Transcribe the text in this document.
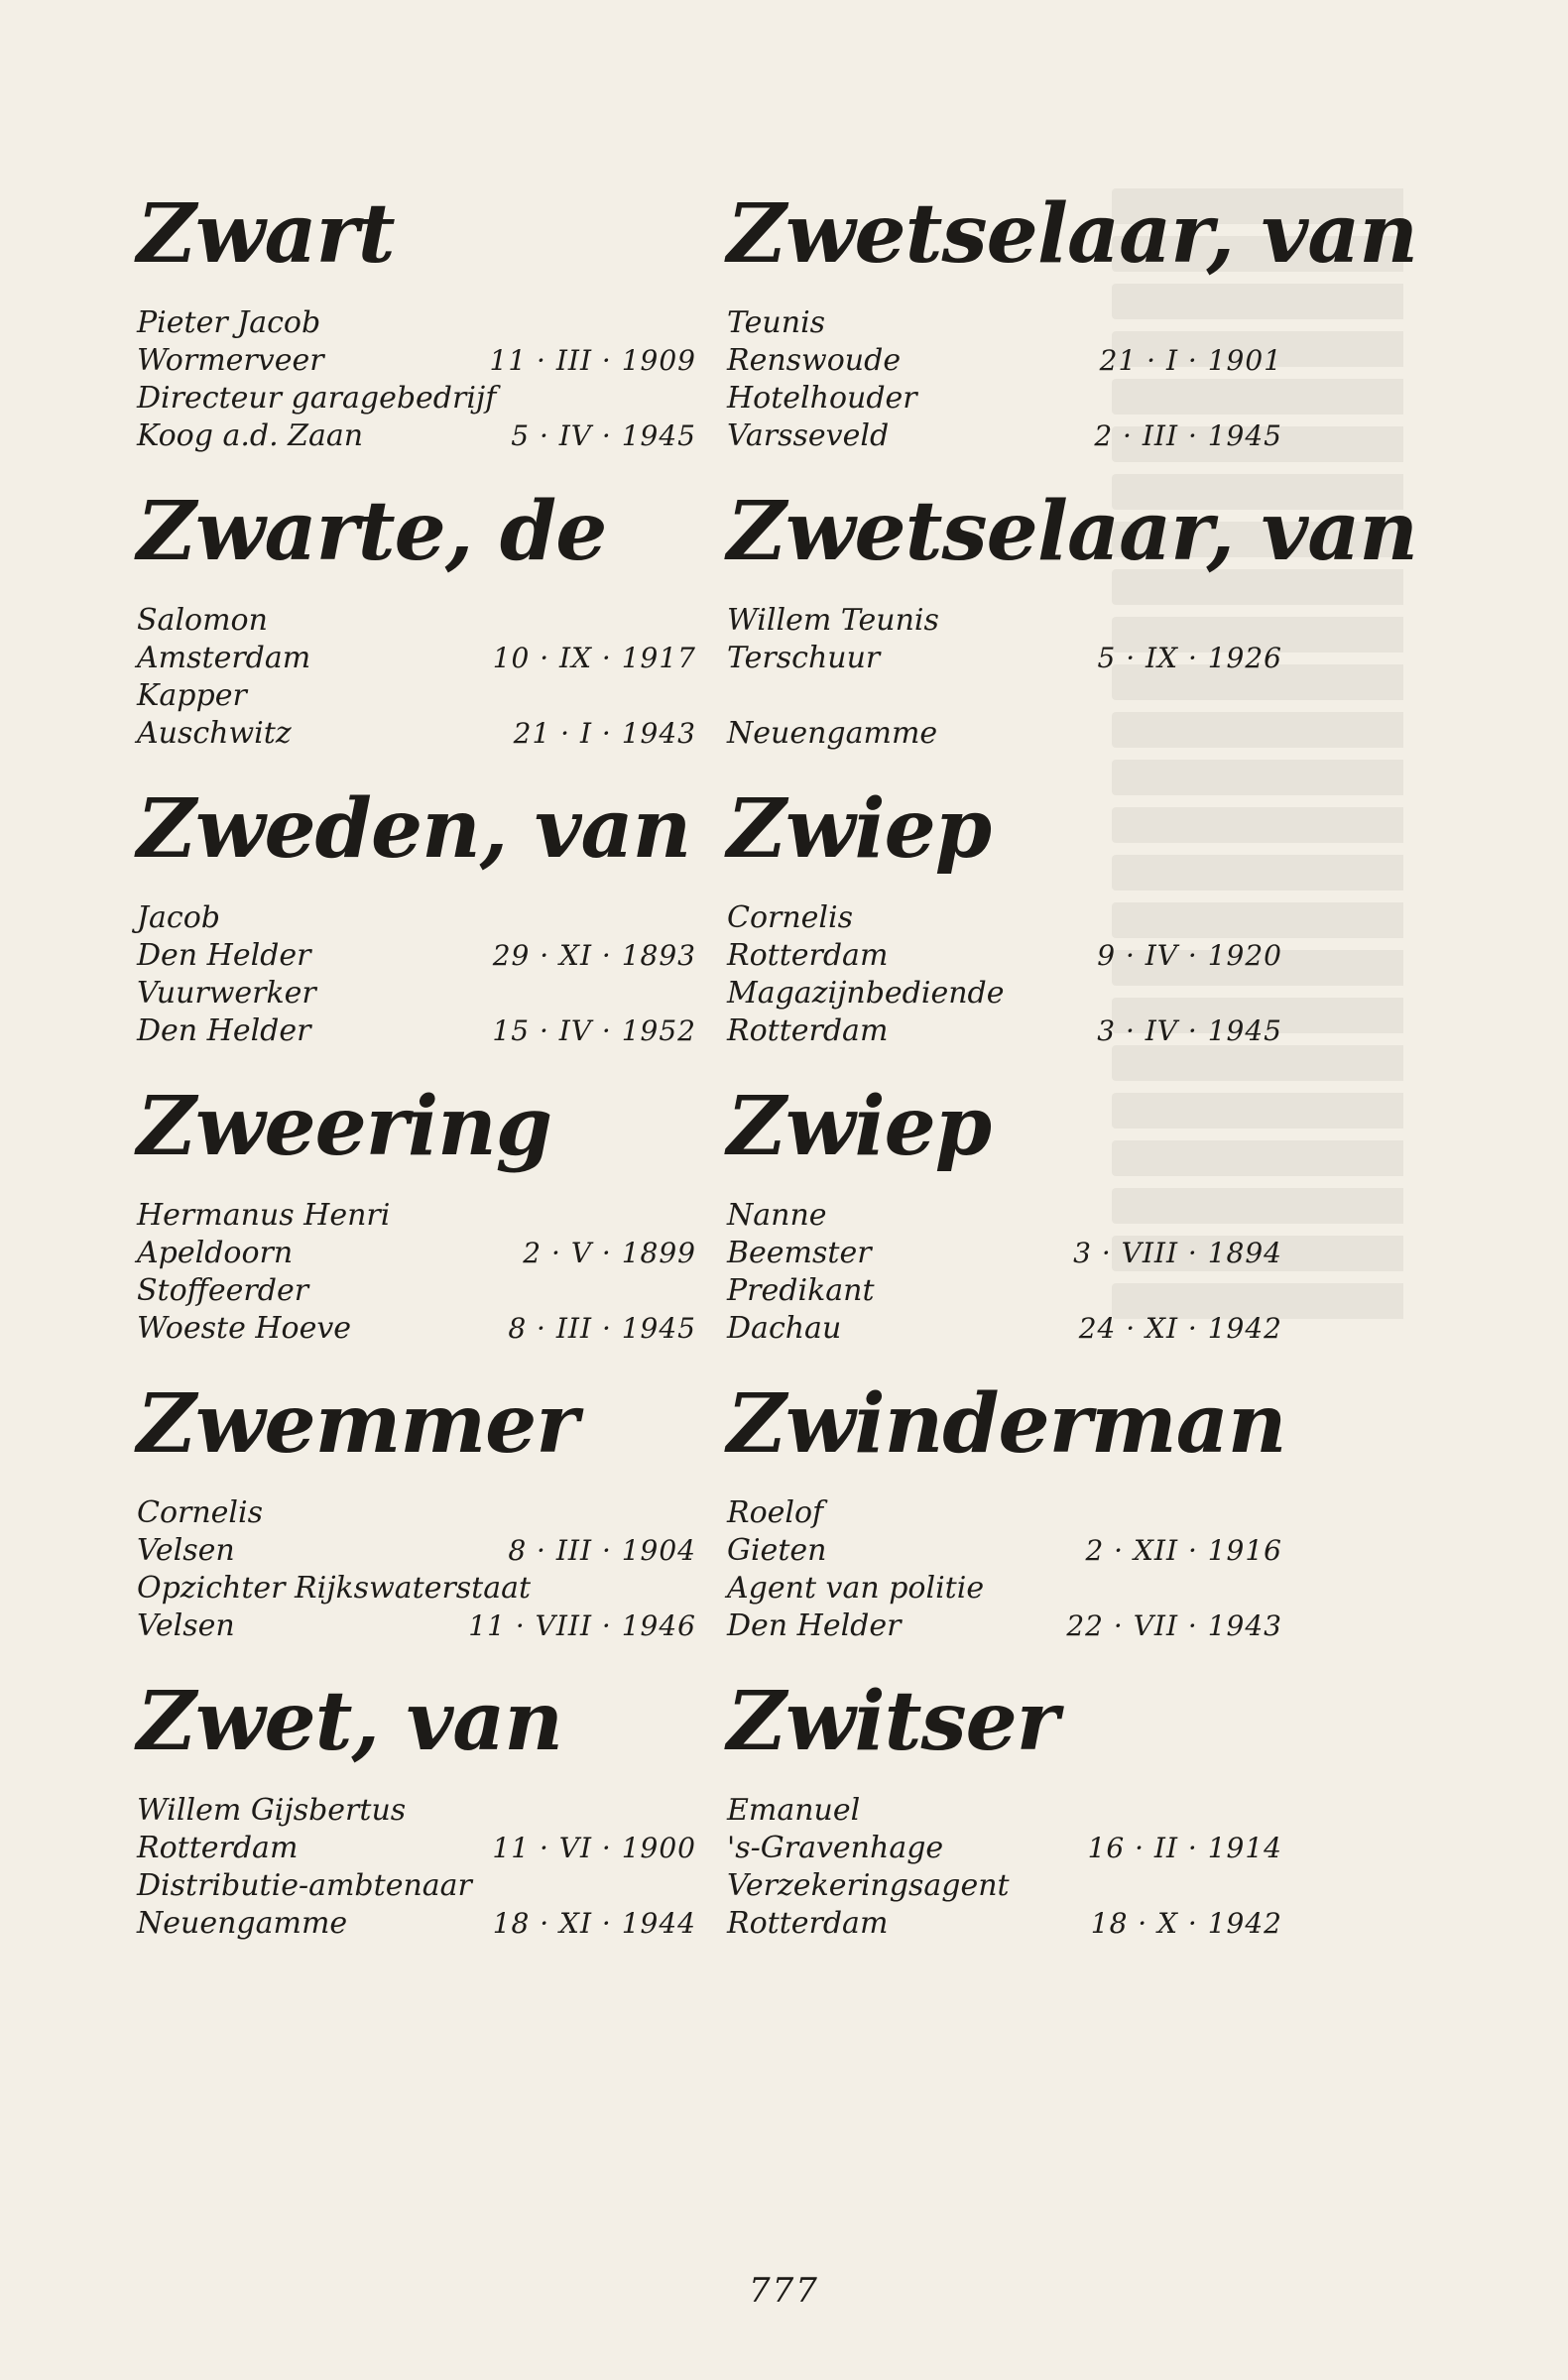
Zwart
Pieter Jacob
Wormerveer	11 · III · 1909
Directeur garagebedrijf
Koog a.d. Zaan	5 · IV · 1945
Zwarte, de
Salomon
Amsterdam	10 · IX · 1917
Kapper
Auschwitz	21 · I · 1943
Zweden, van
Jacob
Den Helder	29 · XI · 1893
Vuurwerker
Den Helder	15 · IV · 1952
Zweering
Hermanus Henri
Apeldoorn	2 · V · 1899
Stoffeerder
Woeste Hoeve	8 · III · 1945
Zwemmer
Cornelis
Velsen	8 · III · 1904
Opzichter Rijkswaterstaat
Velsen	11 · VIII · 1946
Zwet, van
Willem Gijsbertus
Rotterdam	11 · VI · 1900
Distributie-ambtenaar
Neuengamme	18 · XI · 1944
Zwetselaar, van
Teunis
Renswoude	21 · I · 1901
Hotelhouder
Varsseveld	2 · III · 1945
Zwetselaar, van
Willem Teunis
Terschuur	5 · IX · 1926
Neuengamme
Zwiep
Cornelis
Rotterdam	9 · IV · 1920
Magazijnbediende
Rotterdam	3 · IV · 1945
Zwiep
Nanne
Beemster	3 · VIII · 1894
Predikant
Dachau	24 · XI · 1942
Zwinderman
Roelof
Gieten	2 · XII · 1916
Agent van politie
Den Helder	22 · VII · 1943
Zwitser
Emanuel
's-Gravenhage	16 · II · 1914
Verzekeringsagent
Rotterdam	18 · X · 1942
777
